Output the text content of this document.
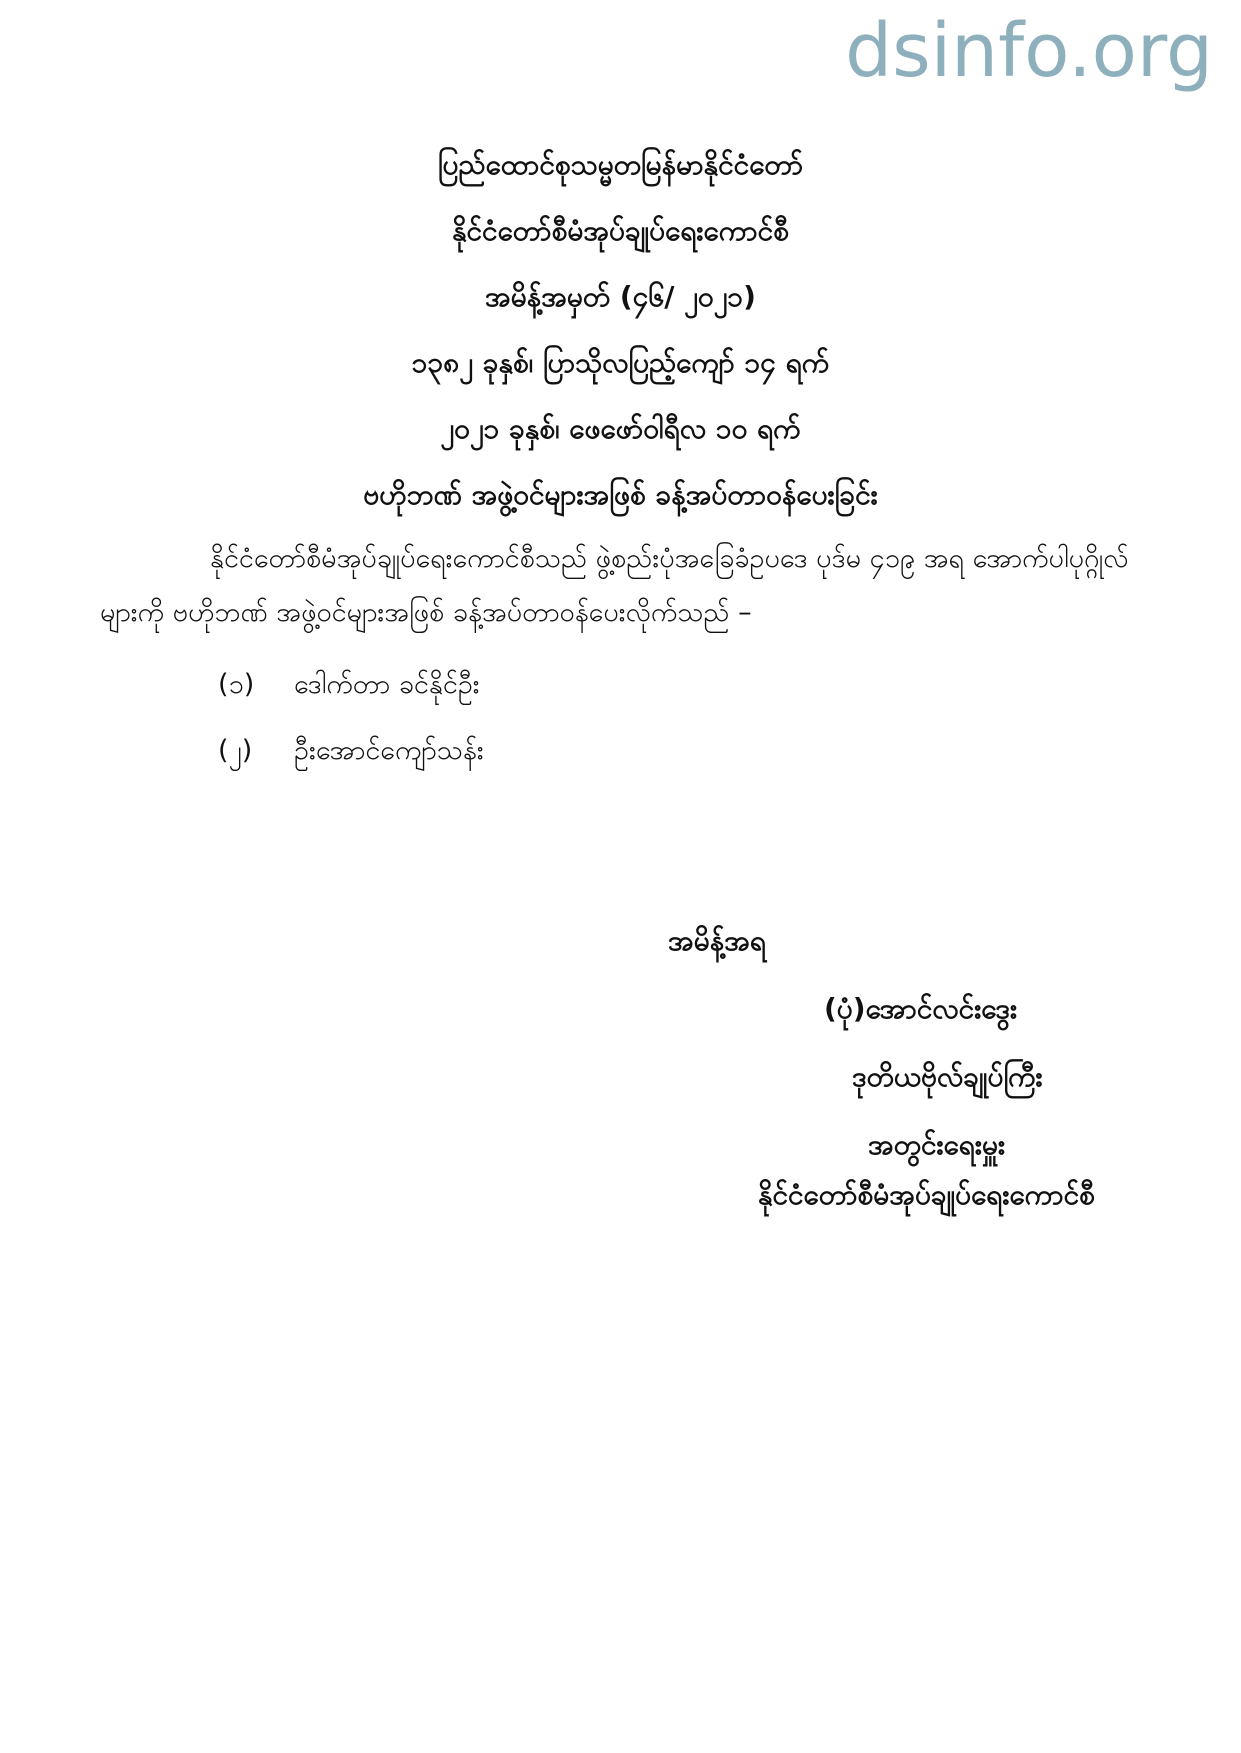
dsinfo.org
ပြည်ထောင်စုသမ္မတမြန်မာနိုင်ငံတော်
နိုင်ငံတော်စီမံအုပ်ချုပ်ရေးကောင်စီ
အမိန့်အမှတ် (၄၆/ ၂၀၂၁)
၁၃၈၂ ခုနှစ်၊ ပြာသိုလပြည့်ကျော် ၁၄ ရက်
၂၀၂၁ ခုနှစ်၊ ဖေဖော်ဝါရီလ ၁၀ ရက်
ဗဟိုဘဏ် အဖွဲ့ဝင်များအဖြစ် ခန့်အပ်တာဝန်ပေးခြင်း
နိုင်ငံတော်စီမံအုပ်ချုပ်ရေးကောင်စီသည် ဖွဲ့စည်းပုံအခြေခံဥပဒေ ပုဒ်မ ၄၁၉ အရ အောက်ပါပုဂ္ဂိုလ်များကို ဗဟိုဘဏ် အဖွဲ့ဝင်များအဖြစ် ခန့်အပ်တာဝန်ပေးလိုက်သည် –
(၁) ဒေါက်တာ ခင်နိုင်ဦး
(၂) ဦးအောင်ကျော်သန်း
အမိန့်အရ
(ပုံ)အောင်လင်းဒွေး
ဒုတိယဗိုလ်ချုပ်ကြီး
အတွင်းရေးမှူး
နိုင်ငံတော်စီမံအုပ်ချုပ်ရေးကောင်စီ
